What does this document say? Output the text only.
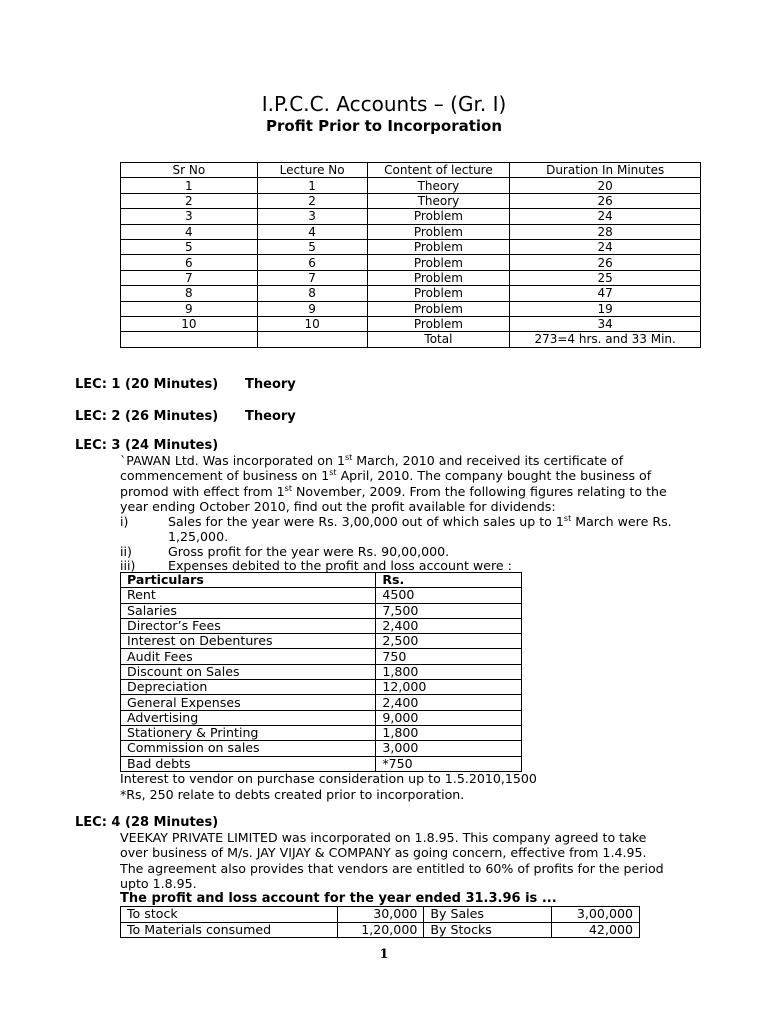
I.P.C.C. Accounts – (Gr. I)
Profit Prior to Incorporation
Sr No	Lecture No	Content of lecture	Duration In Minutes
1	1	Theory	20
2	2	Theory	26
3	3	Problem	24
4	4	Problem	28
5	5	Problem	24
6	6	Problem	26
7	7	Problem	25
8	8	Problem	47
9	9	Problem	19
10	10	Problem	34
		Total	273=4 hrs. and 33 Min.
LEC: 1 (20 Minutes) Theory
LEC: 2 (26 Minutes) Theory
LEC: 3 (24 Minutes)
`PAWAN Ltd. Was incorporated on 1st March, 2010 and received its certificate of
commencement of business on 1st April, 2010. The company bought the business of
promod with effect from 1st November, 2009. From the following figures relating to the
year ending October 2010, find out the profit available for dividends:
i)	Sales for the year were Rs. 3,00,000 out of which sales up to 1st March were Rs. 1,25,000.
ii)	Gross profit for the year were Rs. 90,00,000.
iii)	Expenses debited to the profit and loss account were :
Particulars	Rs.
Rent	4500
Salaries	7,500
Director’s Fees	2,400
Interest on Debentures	2,500
Audit Fees	750
Discount on Sales	1,800
Depreciation	12,000
General Expenses	2,400
Advertising	9,000
Stationery & Printing	1,800
Commission on sales	3,000
Bad debts	*750
Interest to vendor on purchase consideration up to 1.5.2010,1500
*Rs, 250 relate to debts created prior to incorporation.
LEC: 4 (28 Minutes)
VEEKAY PRIVATE LIMITED was incorporated on 1.8.95. This company agreed to take
over business of M/s. JAY VIJAY & COMPANY as going concern, effective from 1.4.95.
The agreement also provides that vendors are entitled to 60% of profits for the period
upto 1.8.95.
The profit and loss account for the year ended 31.3.96 is ...
To stock	30,000	By Sales	3,00,000
To Materials consumed	1,20,000	By Stocks	42,000
1
